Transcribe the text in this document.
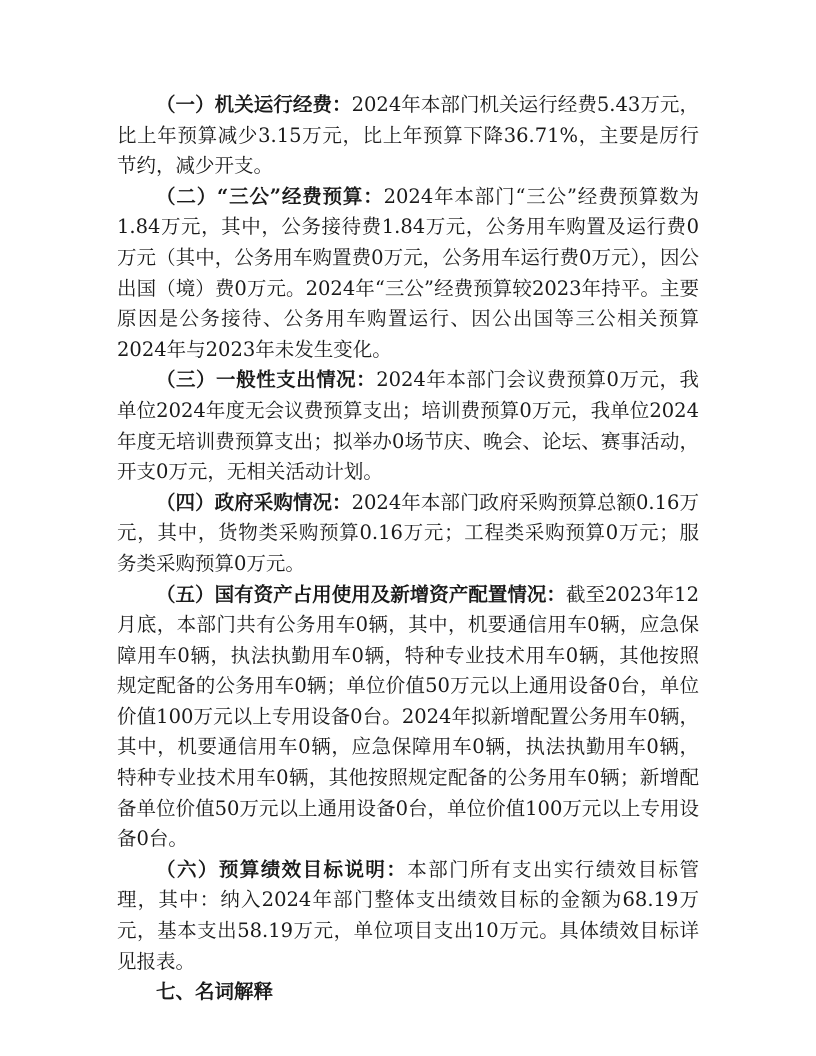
（一）机关运行经费：2024年本部门机关运行经费5.43万元，比上年预算减少3.15万元，比上年预算下降36.71%，主要是厉行节约，减少开支。

（二）“三公”经费预算：2024年本部门“三公”经费预算数为1.84万元，其中，公务接待费1.84万元，公务用车购置及运行费0万元（其中，公务用车购置费0万元，公务用车运行费0万元），因公出国（境）费0万元。2024年“三公”经费预算较2023年持平。主要原因是公务接待、公务用车购置运行、因公出国等三公相关预算2024年与2023年未发生变化。

（三）一般性支出情况：2024年本部门会议费预算0万元，我单位2024年度无会议费预算支出；培训费预算0万元，我单位2024年度无培训费预算支出；拟举办0场节庆、晚会、论坛、赛事活动，开支0万元，无相关活动计划。

（四）政府采购情况：2024年本部门政府采购预算总额0.16万元，其中，货物类采购预算0.16万元；工程类采购预算0万元；服务类采购预算0万元。

（五）国有资产占用使用及新增资产配置情况：截至2023年12月底，本部门共有公务用车0辆，其中，机要通信用车0辆，应急保障用车0辆，执法执勤用车0辆，特种专业技术用车0辆，其他按照规定配备的公务用车0辆；单位价值50万元以上通用设备0台，单位价值100万元以上专用设备0台。2024年拟新增配置公务用车0辆，其中，机要通信用车0辆，应急保障用车0辆，执法执勤用车0辆，特种专业技术用车0辆，其他按照规定配备的公务用车0辆；新增配备单位价值50万元以上通用设备0台，单位价值100万元以上专用设备0台。

（六）预算绩效目标说明：本部门所有支出实行绩效目标管理，其中：纳入2024年部门整体支出绩效目标的金额为68.19万元，基本支出58.19万元，单位项目支出10万元。具体绩效目标详见报表。

七、名词解释
